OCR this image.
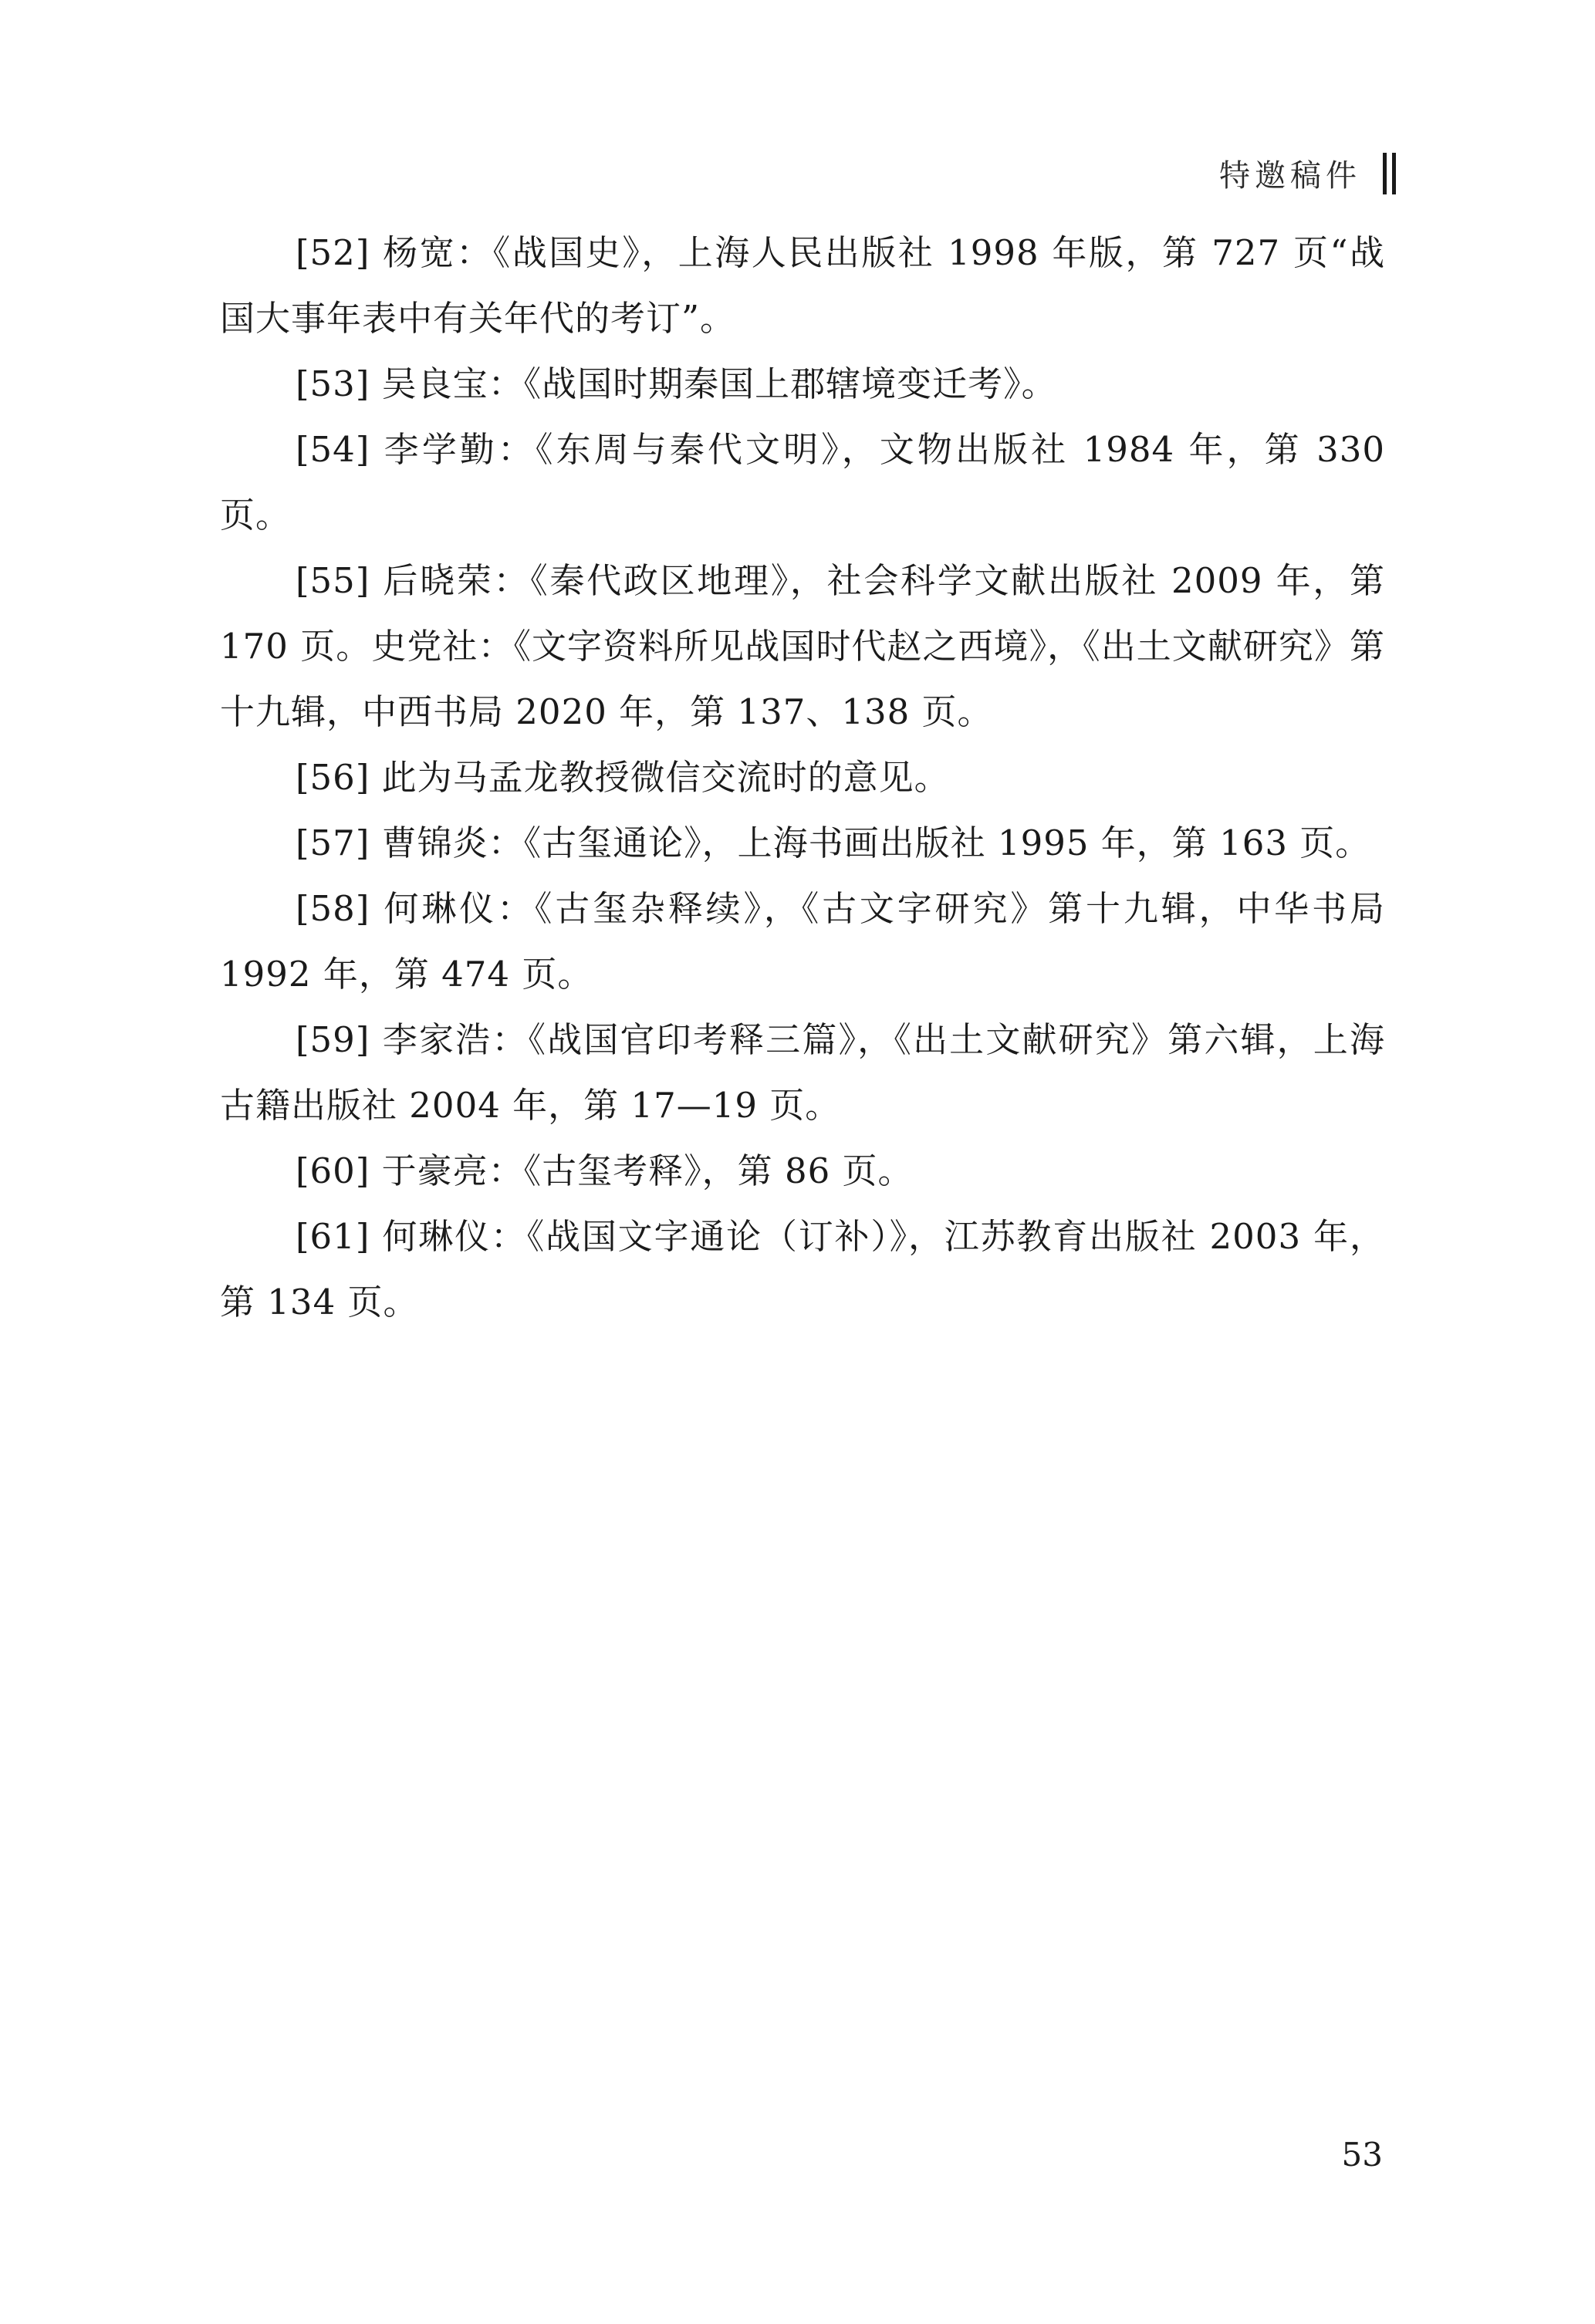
特邀稿件

[52] 杨宽：《战国史》，上海人民出版社 1998 年版，第 727 页“战国大事年表中有关年代的考订”。

[53] 吴良宝：《战国时期秦国上郡辖境变迁考》。

[54] 李学勤：《东周与秦代文明》，文物出版社 1984 年，第 330 页。

[55] 后晓荣：《秦代政区地理》，社会科学文献出版社 2009 年，第 170 页。史党社：《文字资料所见战国时代赵之西境》，《出土文献研究》第十九辑，中西书局 2020 年，第 137、138 页。

[56] 此为马孟龙教授微信交流时的意见。

[57] 曹锦炎：《古玺通论》，上海书画出版社 1995 年，第 163 页。

[58] 何琳仪：《古玺杂释续》，《古文字研究》第十九辑，中华书局 1992 年，第 474 页。

[59] 李家浩：《战国官印考释三篇》，《出土文献研究》第六辑，上海古籍出版社 2004 年，第 17—19 页。

[60] 于豪亮：《古玺考释》，第 86 页。

[61] 何琳仪：《战国文字通论（订补）》，江苏教育出版社 2003 年，第 134 页。

53
